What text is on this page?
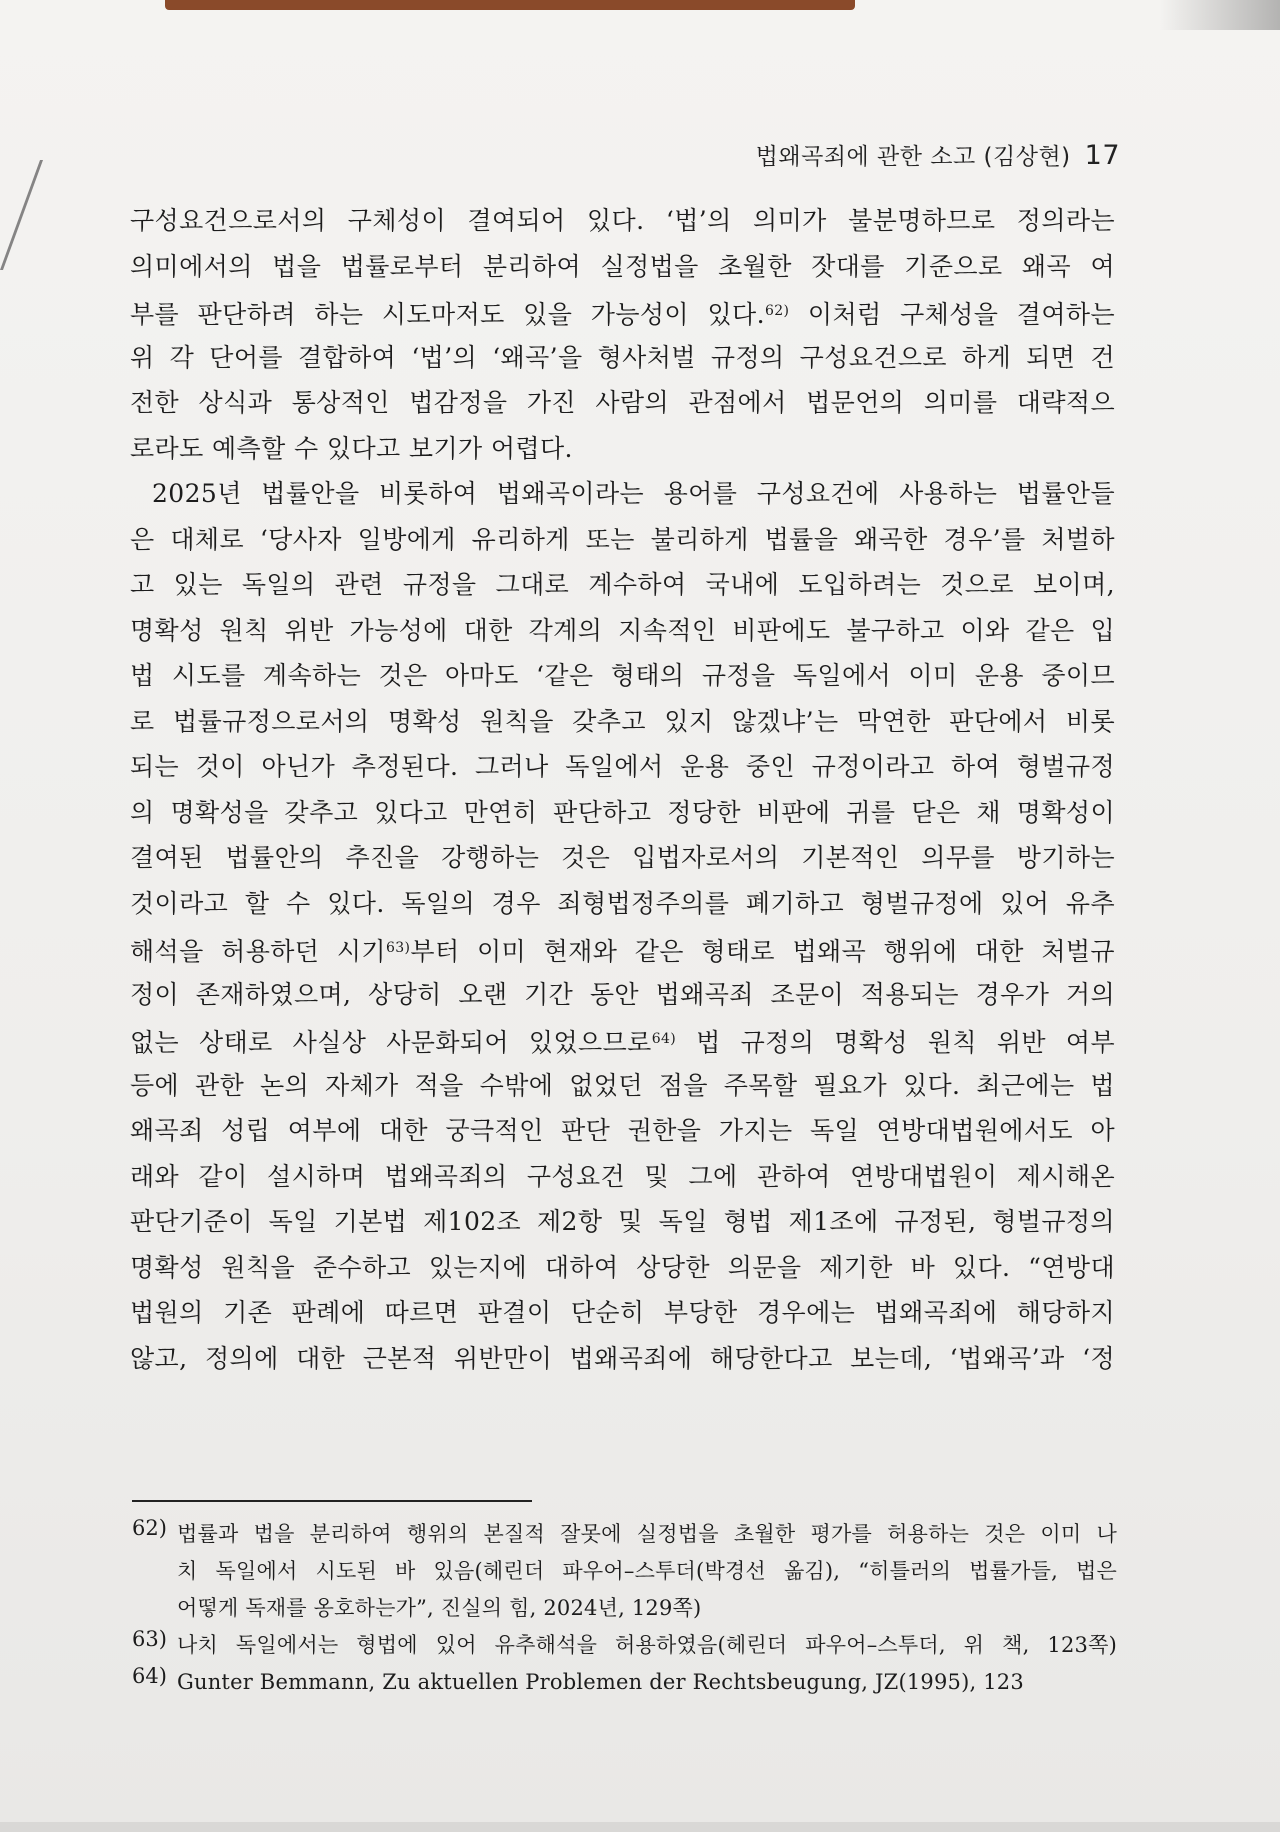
법왜곡죄에 관한 소고 (김상현) 17
구성요건으로서의 구체성이 결여되어 있다. ‘법’의 의미가 불분명하므로 정의라는
의미에서의 법을 법률로부터 분리하여 실정법을 초월한 잣대를 기준으로 왜곡 여
부를 판단하려 하는 시도마저도 있을 가능성이 있다.$^{62)}$ 이처럼 구체성을 결여하는
위 각 단어를 결합하여 ‘법’의 ‘왜곡’을 형사처벌 규정의 구성요건으로 하게 되면 건
전한 상식과 통상적인 법감정을 가진 사람의 관점에서 법문언의 의미를 대략적으
로라도 예측할 수 있다고 보기가 어렵다.
2025년 법률안을 비롯하여 법왜곡이라는 용어를 구성요건에 사용하는 법률안들
은 대체로 ‘당사자 일방에게 유리하게 또는 불리하게 법률을 왜곡한 경우’를 처벌하
고 있는 독일의 관련 규정을 그대로 계수하여 국내에 도입하려는 것으로 보이며,
명확성 원칙 위반 가능성에 대한 각계의 지속적인 비판에도 불구하고 이와 같은 입
법 시도를 계속하는 것은 아마도 ‘같은 형태의 규정을 독일에서 이미 운용 중이므
로 법률규정으로서의 명확성 원칙을 갖추고 있지 않겠냐’는 막연한 판단에서 비롯
되는 것이 아닌가 추정된다. 그러나 독일에서 운용 중인 규정이라고 하여 형벌규정
의 명확성을 갖추고 있다고 만연히 판단하고 정당한 비판에 귀를 닫은 채 명확성이
결여된 법률안의 추진을 강행하는 것은 입법자로서의 기본적인 의무를 방기하는
것이라고 할 수 있다. 독일의 경우 죄형법정주의를 폐기하고 형벌규정에 있어 유추
해석을 허용하던 시기$^{63)}$부터 이미 현재와 같은 형태로 법왜곡 행위에 대한 처벌규
정이 존재하였으며, 상당히 오랜 기간 동안 법왜곡죄 조문이 적용되는 경우가 거의
없는 상태로 사실상 사문화되어 있었으므로$^{64)}$ 법 규정의 명확성 원칙 위반 여부
등에 관한 논의 자체가 적을 수밖에 없었던 점을 주목할 필요가 있다. 최근에는 법
왜곡죄 성립 여부에 대한 궁극적인 판단 권한을 가지는 독일 연방대법원에서도 아
래와 같이 설시하며 법왜곡죄의 구성요건 및 그에 관하여 연방대법원이 제시해온
판단기준이 독일 기본법 제102조 제2항 및 독일 형법 제1조에 규정된, 형벌규정의
명확성 원칙을 준수하고 있는지에 대하여 상당한 의문을 제기한 바 있다. “연방대
법원의 기존 판례에 따르면 판결이 단순히 부당한 경우에는 법왜곡죄에 해당하지
않고, 정의에 대한 근본적 위반만이 법왜곡죄에 해당한다고 보는데, ‘법왜곡’과 ‘정
62) 법률과 법을 분리하여 행위의 본질적 잘못에 실정법을 초월한 평가를 허용하는 것은 이미 나
치 독일에서 시도된 바 있음(헤린더 파우어–스투더(박경선 옮김), “히틀러의 법률가들, 법은
어떻게 독재를 옹호하는가”, 진실의 힘, 2024년, 129쪽)
63) 나치 독일에서는 형법에 있어 유추해석을 허용하였음(헤린더 파우어–스투더, 위 책, 123쪽)
64) Gunter Bemmann, Zu aktuellen Problemen der Rechtsbeugung, JZ(1995), 123
